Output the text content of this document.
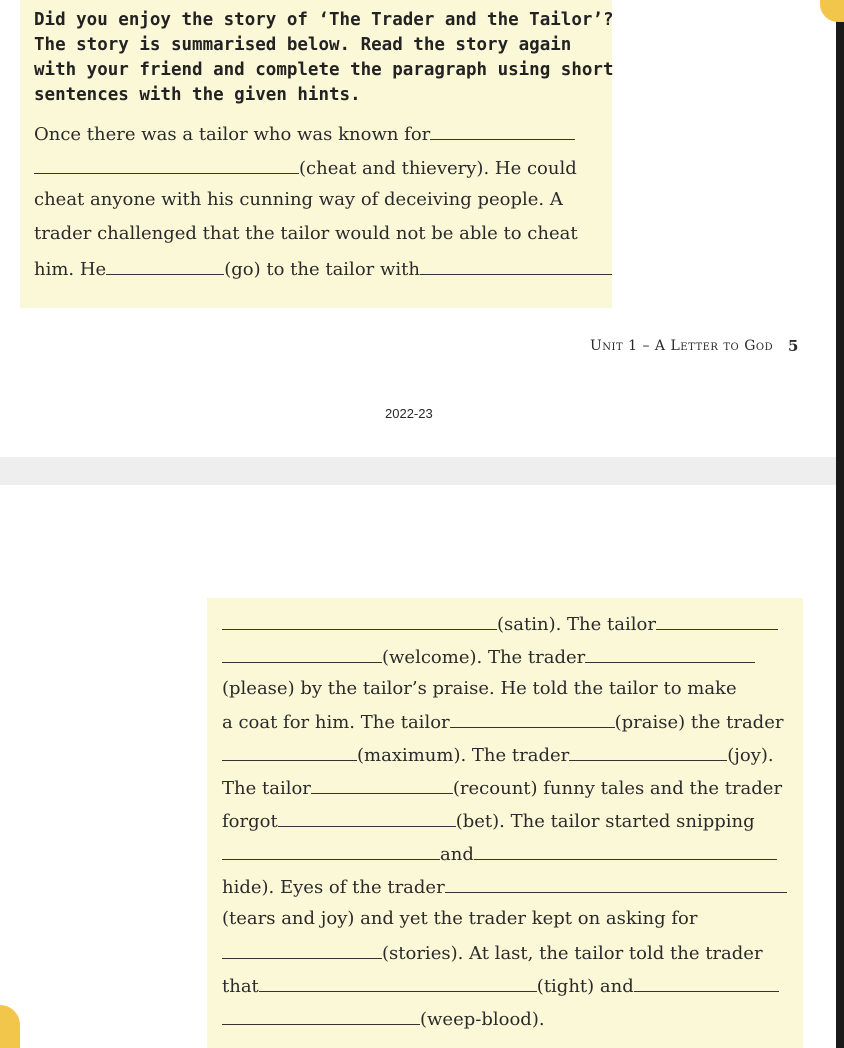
Did you enjoy the story of ‘The Trader and the Tailor’?
The story is summarised below. Read the story again
with your friend and complete the paragraph using short
sentences with the given hints.
Once there was a tailor who was known for
(cheat and thievery). He could
cheat anyone with his cunning way of deceiving people. A
trader challenged that the tailor would not be able to cheat
him. He	(go) to the tailor with
Unit 1 – A Letter to God 5
2022-23
(satin). The tailor
(welcome). The trader
(please) by the tailor’s praise. He told the tailor to make
a coat for him. The tailor	(praise) the trader
(maximum). The trader	(joy).
The tailor	(recount) funny tales and the trader
forgot	(bet). The tailor started snipping
and
hide). Eyes of the trader
(tears and joy) and yet the trader kept on asking for
(stories). At last, the tailor told the trader
that	(tight) and
(weep-blood).
